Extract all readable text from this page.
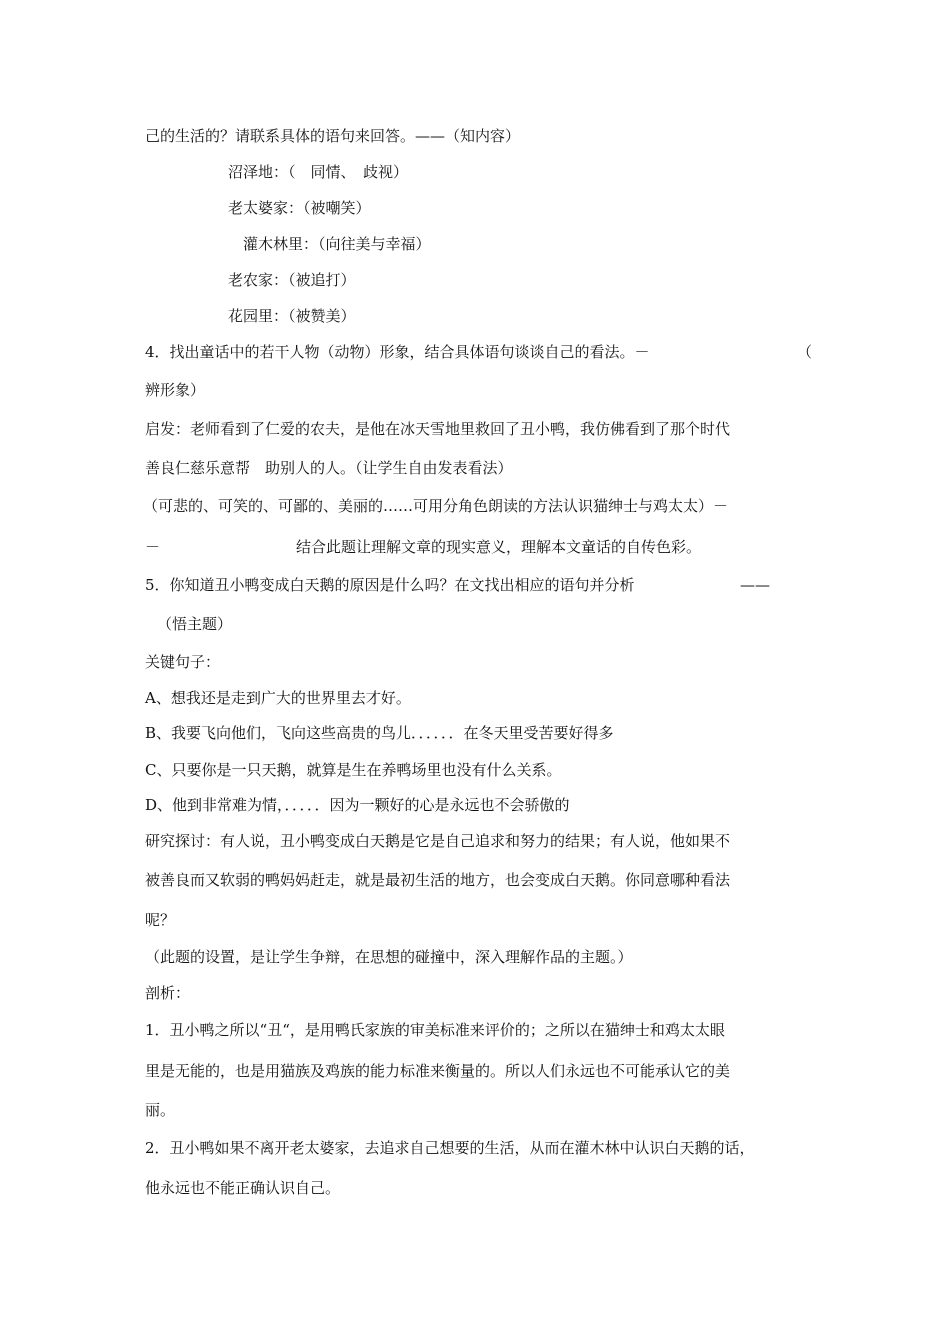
己的生活的？请联系具体的语句来回答。——（知内容）
沼泽地：（　同情、　歧视）
老太婆家：（被嘲笑）
灌木林里：（向往美与幸福）
老农家：（被追打）
花园里：（被赞美）
4．找出童话中的若干人物（动物）形象，结合具体语句谈谈自己的看法。－	（
辨形象）
启发：老师看到了仁爱的农夫，是他在冰天雪地里救回了丑小鸭，我仿佛看到了那个时代
善良仁慈乐意帮　助别人的人。（让学生自由发表看法）
（可悲的、可笑的、可鄙的、美丽的……可用分角色朗读的方法认识猫绅士与鸡太太）－
－	结合此题让理解文章的现实意义，理解本文童话的自传色彩。
5．你知道丑小鸭变成白天鹅的原因是什么吗？在文找出相应的语句并分析	——
（悟主题）
关键句子：
A、想我还是走到广大的世界里去才好。
B、我要飞向他们，飞向这些高贵的鸟儿．．．．．．在冬天里受苦要好得多
C、只要你是一只天鹅，就算是生在养鸭场里也没有什么关系。
D、他到非常难为情，．．．．．因为一颗好的心是永远也不会骄傲的
研究探讨：有人说，丑小鸭变成白天鹅是它是自己追求和努力的结果；有人说，他如果不
被善良而又软弱的鸭妈妈赶走，就是最初生活的地方，也会变成白天鹅。你同意哪种看法
呢？
（此题的设置，是让学生争辩，在思想的碰撞中，深入理解作品的主题。）
剖析：
1．丑小鸭之所以“丑“，是用鸭氏家族的审美标准来评价的；之所以在猫绅士和鸡太太眼
里是无能的，也是用猫族及鸡族的能力标准来衡量的。所以人们永远也不可能承认它的美
丽。
2．丑小鸭如果不离开老太婆家，去追求自己想要的生活，从而在灌木林中认识白天鹅的话，
他永远也不能正确认识自己。
